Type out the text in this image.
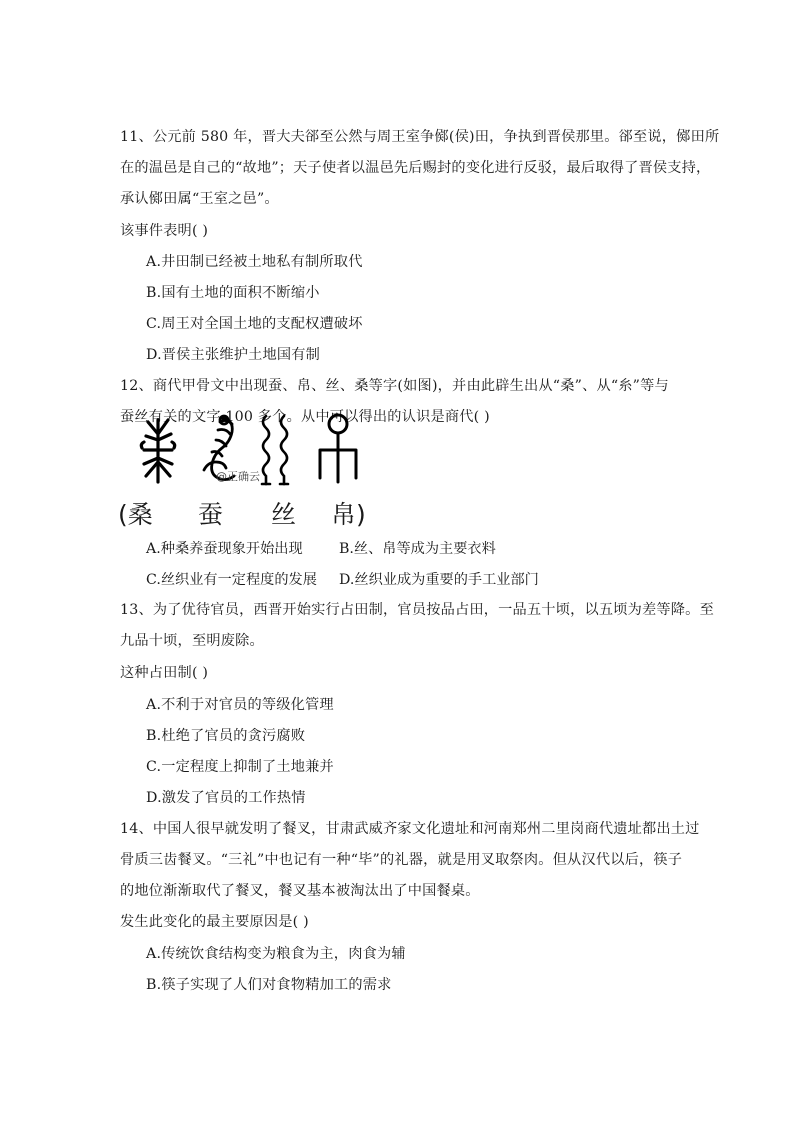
11、公元前 580 年，晋大夫郤至公然与周王室争鄇(侯)田，争执到晋侯那里。郤至说，鄇田所
在的温邑是自己的“故地”；天子使者以温邑先后赐封的变化进行反驳，最后取得了晋侯支持，
承认鄇田属“王室之邑”。
该事件表明( )
A.井田制已经被土地私有制所取代
B.国有土地的面积不断缩小
C.周王对全国土地的支配权遭破坏
D.晋侯主张维护土地国有制
12、商代甲骨文中出现蚕、帛、丝、桑等字(如图)，并由此辟生出从“桑”、从“糸”等与
蚕丝有关的文字 100 多个。从中可以得出的认识是商代( )
@正确云
(桑 蚕 丝 帛)
A.种桑养蚕现象开始出现	B.丝、帛等成为主要衣料
C.丝织业有一定程度的发展 D.丝织业成为重要的手工业部门
13、为了优待官员，西晋开始实行占田制，官员按品占田，一品五十顷，以五顷为差等降。至
九品十顷，至明废除。
这种占田制( )
A.不利于对官员的等级化管理
B.杜绝了官员的贪污腐败
C.一定程度上抑制了土地兼并
D.激发了官员的工作热情
14、中国人很早就发明了餐叉，甘肃武威齐家文化遗址和河南郑州二里岗商代遗址都出土过
骨质三齿餐叉。“三礼”中也记有一种“毕”的礼器，就是用叉取祭肉。但从汉代以后，筷子
的地位渐渐取代了餐叉，餐叉基本被淘汰出了中国餐桌。
发生此变化的最主要原因是( )
A.传统饮食结构变为粮食为主，肉食为辅
B.筷子实现了人们对食物精加工的需求
